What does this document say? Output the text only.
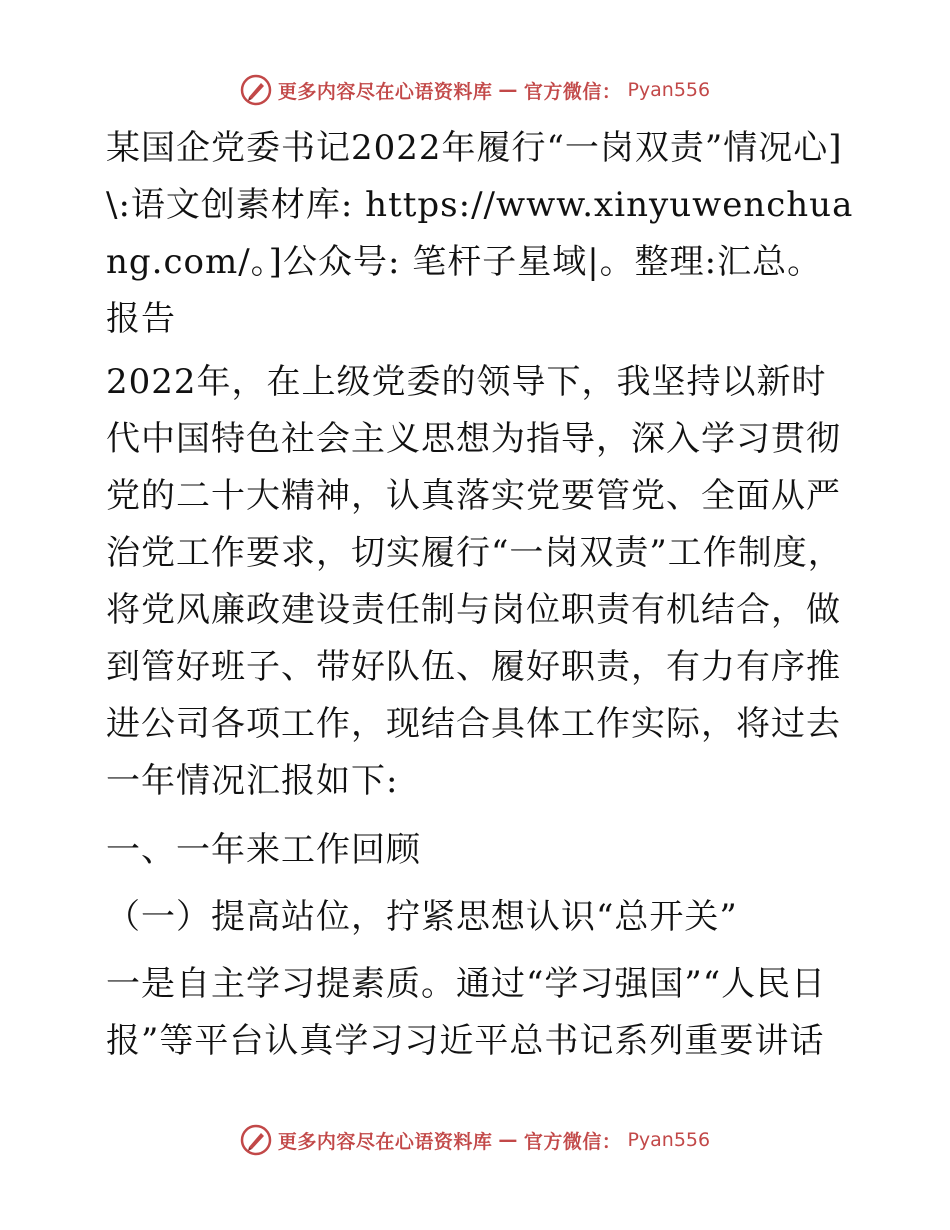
更多内容尽在心语资料库 — 官方微信： Pyan556

某国企党委书记2022年履行“一岗双责”情况心]\:语文创素材库: https://www.xinyuwenchuang.com/。]公众号: 笔杆子星域|。整理:汇总。报告

2022年，在上级党委的领导下，我坚持以新时代中国特色社会主义思想为指导，深入学习贯彻党的二十大精神，认真落实党要管党、全面从严治党工作要求，切实履行“一岗双责”工作制度，将党风廉政建设责任制与岗位职责有机结合，做到管好班子、带好队伍、履好职责，有力有序推进公司各项工作，现结合具体工作实际，将过去一年情况汇报如下:

一、一年来工作回顾

（一）提高站位，拧紧思想认识“总开关”

一是自主学习提素质。通过“学习强国”“人民日报”等平台认真学习习近平总书记系列重要讲话

更多内容尽在心语资料库 — 官方微信： Pyan556
